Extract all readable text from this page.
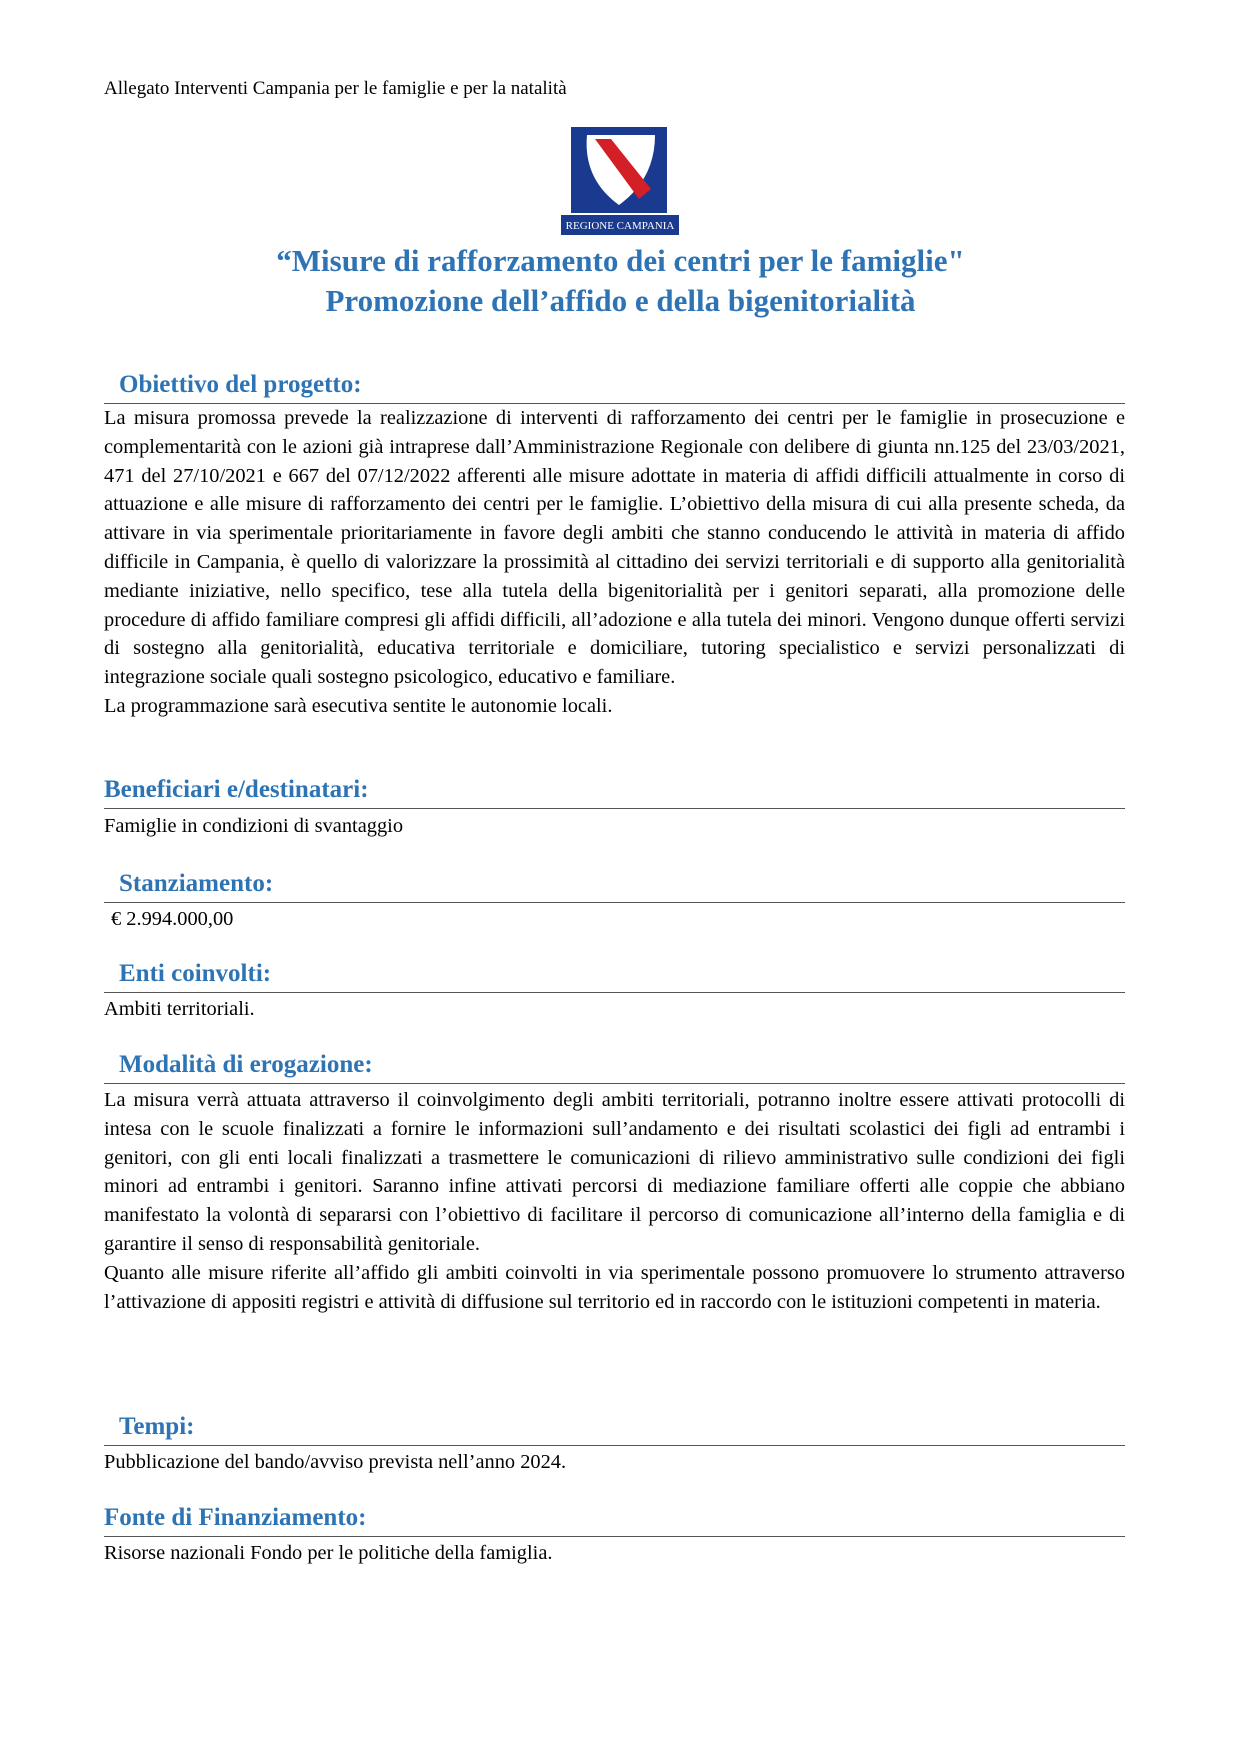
Allegato Interventi Campania per le famiglie e per la natalità
REGIONE CAMPANIA
“Misure di rafforzamento dei centri per le famiglie"
Promozione dell’affido e della bigenitorialità
Obiettivo del progetto:

La misura promossa prevede la realizzazione di interventi di rafforzamento dei centri per le famiglie in prosecuzione e complementarità con le azioni già intraprese dall’Amministrazione Regionale con delibere di giunta nn.125 del 23/03/2021, 471 del 27/10/2021 e 667 del 07/12/2022 afferenti alle misure adottate in materia di affidi difficili attualmente in corso di attuazione e alle misure di rafforzamento dei centri per le famiglie. L’obiettivo della misura di cui alla presente scheda, da attivare in via sperimentale prioritariamente in favore degli ambiti che stanno conducendo le attività in materia di affido difficile in Campania, è quello di valorizzare la prossimità al cittadino dei servizi territoriali e di supporto alla genitorialità mediante iniziative, nello specifico, tese alla tutela della bigenitorialità per i genitori separati, alla promozione delle procedure di affido familiare compresi gli affidi difficili, all’adozione e alla tutela dei minori. Vengono dunque offerti servizi di sostegno alla genitorialità, educativa territoriale e domiciliare, tutoring specialistico e servizi personalizzati di integrazione sociale quali sostegno psicologico, educativo e familiare.

La programmazione sarà esecutiva sentite le autonomie locali.

Beneficiari e/destinatari:

Famiglie in condizioni di svantaggio

Stanziamento:

€ 2.994.000,00

Enti coinvolti:

Ambiti territoriali.

Modalità di erogazione:

La misura verrà attuata attraverso il coinvolgimento degli ambiti territoriali, potranno inoltre essere attivati protocolli di intesa con le scuole finalizzati a fornire le informazioni sull’andamento e dei risultati scolastici dei figli ad entrambi i genitori, con gli enti locali finalizzati a trasmettere le comunicazioni di rilievo amministrativo sulle condizioni dei figli minori ad entrambi i genitori. Saranno infine attivati percorsi di mediazione familiare offerti alle coppie che abbiano manifestato la volontà di separarsi con l’obiettivo di facilitare il percorso di comunicazione all’interno della famiglia e di garantire il senso di responsabilità genitoriale.

Quanto alle misure riferite all’affido gli ambiti coinvolti in via sperimentale possono promuovere lo strumento attraverso l’attivazione di appositi registri e attività di diffusione sul territorio ed in raccordo con le istituzioni competenti in materia.

Tempi:

Pubblicazione del bando/avviso prevista nell’anno 2024.

Fonte di Finanziamento:

Risorse nazionali Fondo per le politiche della famiglia.
